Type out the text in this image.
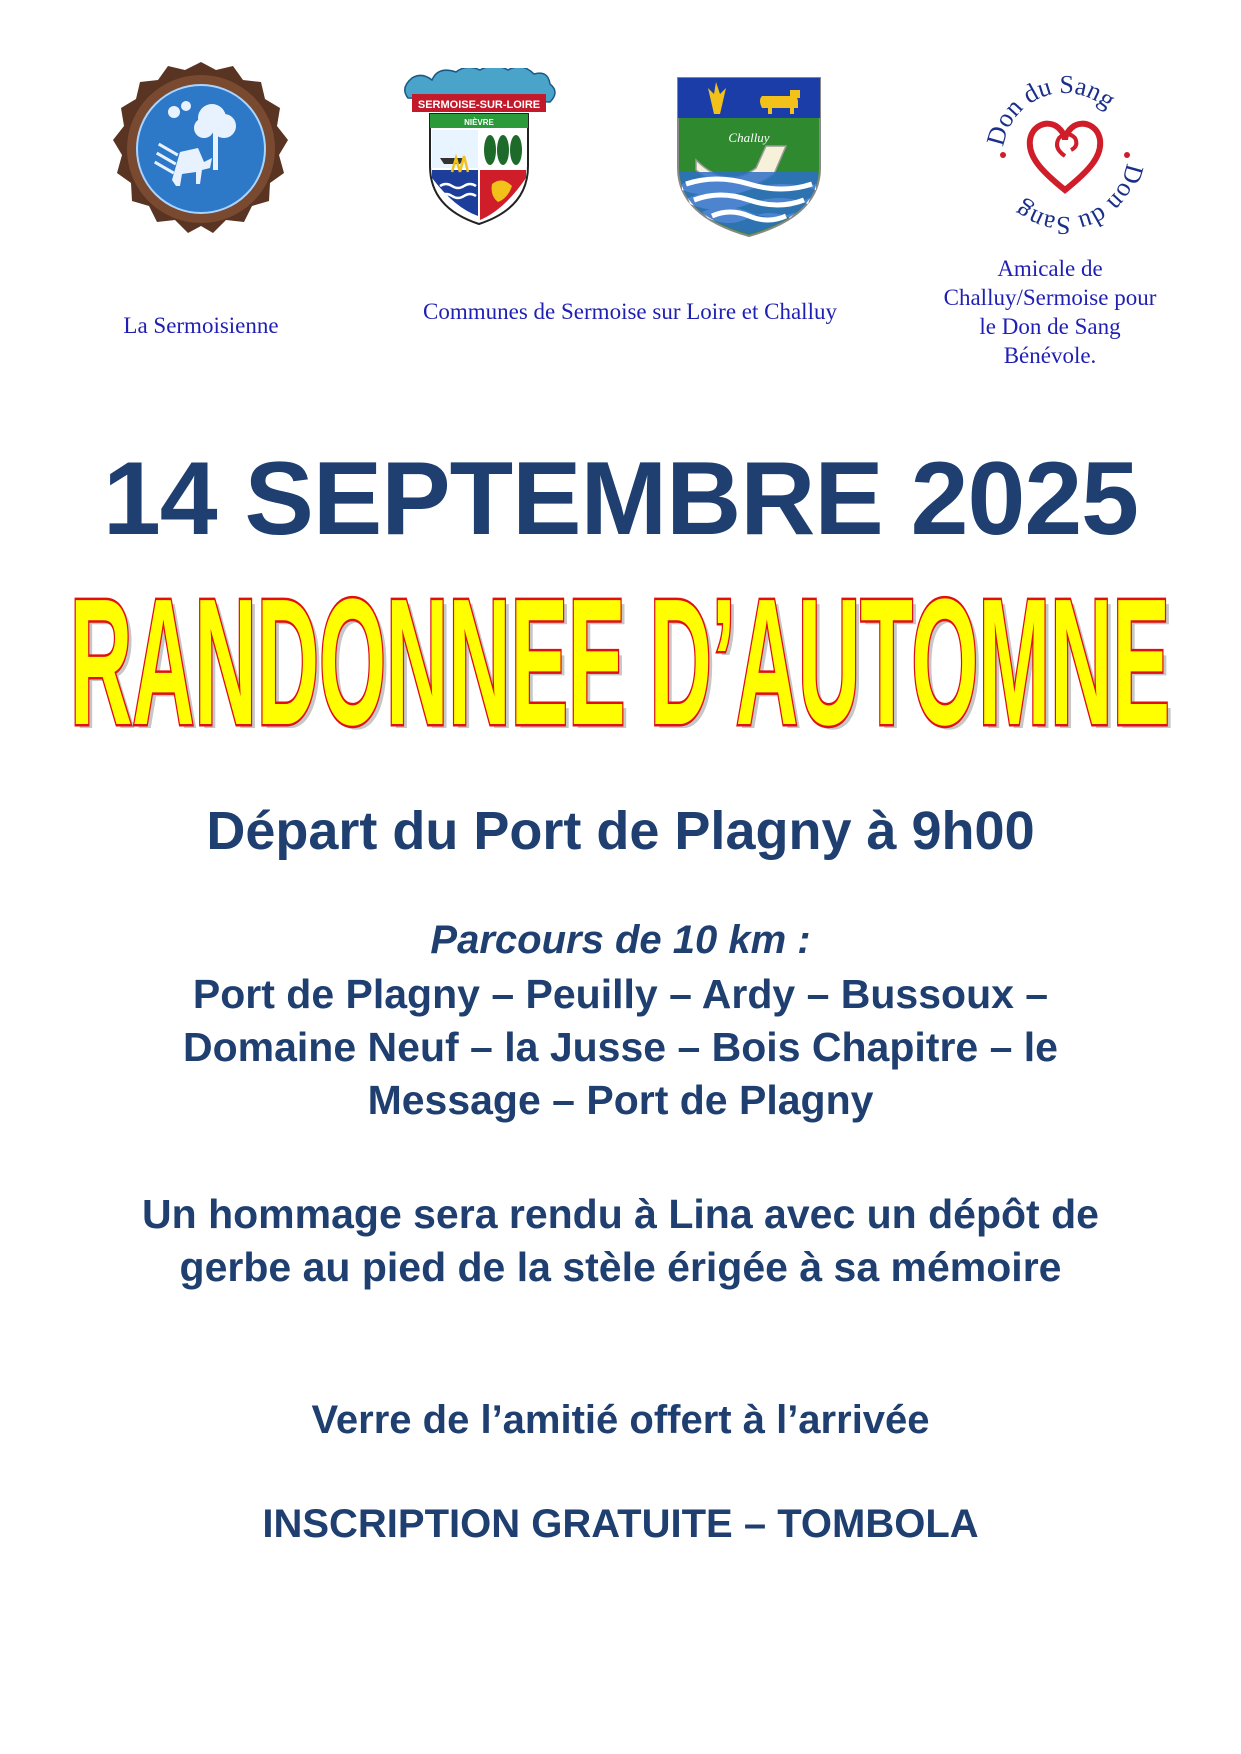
SERMOISE-SUR-LOIRE
NIÈVRE
Challuy	Don du Sang
Don du Sang
La Sermoisienne
Communes de Sermoise sur Loire et Challuy
Amicale de
Challuy/Sermoise pour
le Don de Sang
Bénévole.
14 SEPTEMBRE 2025
RANDONNEE D’AUTOMNE
RANDONNEE D’AUTOMNE
Départ du Port de Plagny à 9h00
Parcours de 10 km :
Port de Plagny – Peuilly – Ardy – Bussoux –
Domaine Neuf – la Jusse – Bois Chapitre – le
Message – Port de Plagny
Un hommage sera rendu à Lina avec un dépôt de
gerbe au pied de la stèle érigée à sa mémoire
Verre de l’amitié offert à l’arrivée
INSCRIPTION GRATUITE – TOMBOLA
